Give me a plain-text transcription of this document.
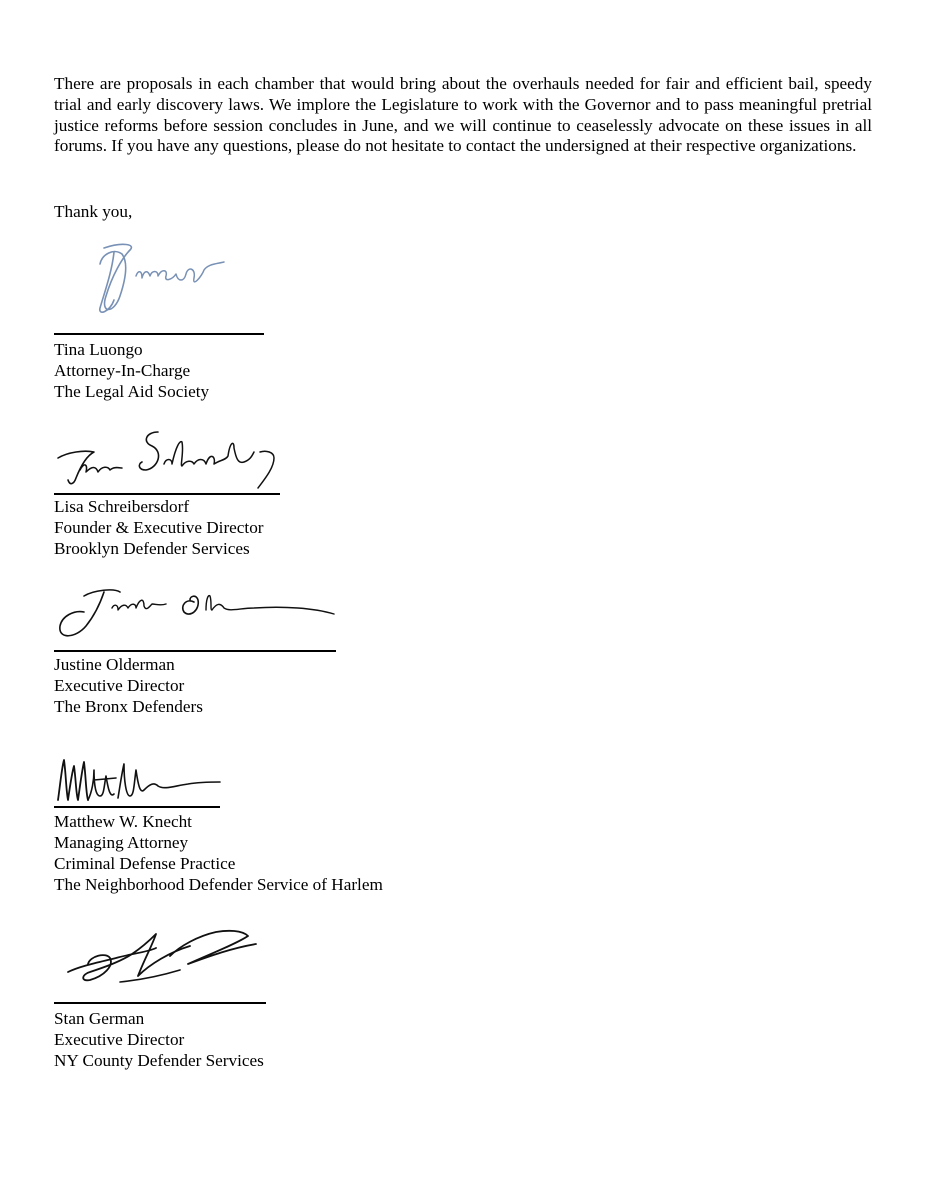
There are proposals in each chamber that would bring about the overhauls needed for fair and efficient bail, speedy trial and early discovery laws. We implore the Legislature to work with the Governor and to pass meaningful pretrial justice reforms before session concludes in June, and we will continue to ceaselessly advocate on these issues in all forums. If you have any questions, please do not hesitate to contact the undersigned at their respective organizations.

Thank you,

Tina Luongo
Attorney-In-Charge
The Legal Aid Society
Lisa Schreibersdorf
Founder & Executive Director
Brooklyn Defender Services
Justine Olderman
Executive Director
The Bronx Defenders
Matthew W. Knecht
Managing Attorney
Criminal Defense Practice
The Neighborhood Defender Service of Harlem
Stan German
Executive Director
NY County Defender Services
